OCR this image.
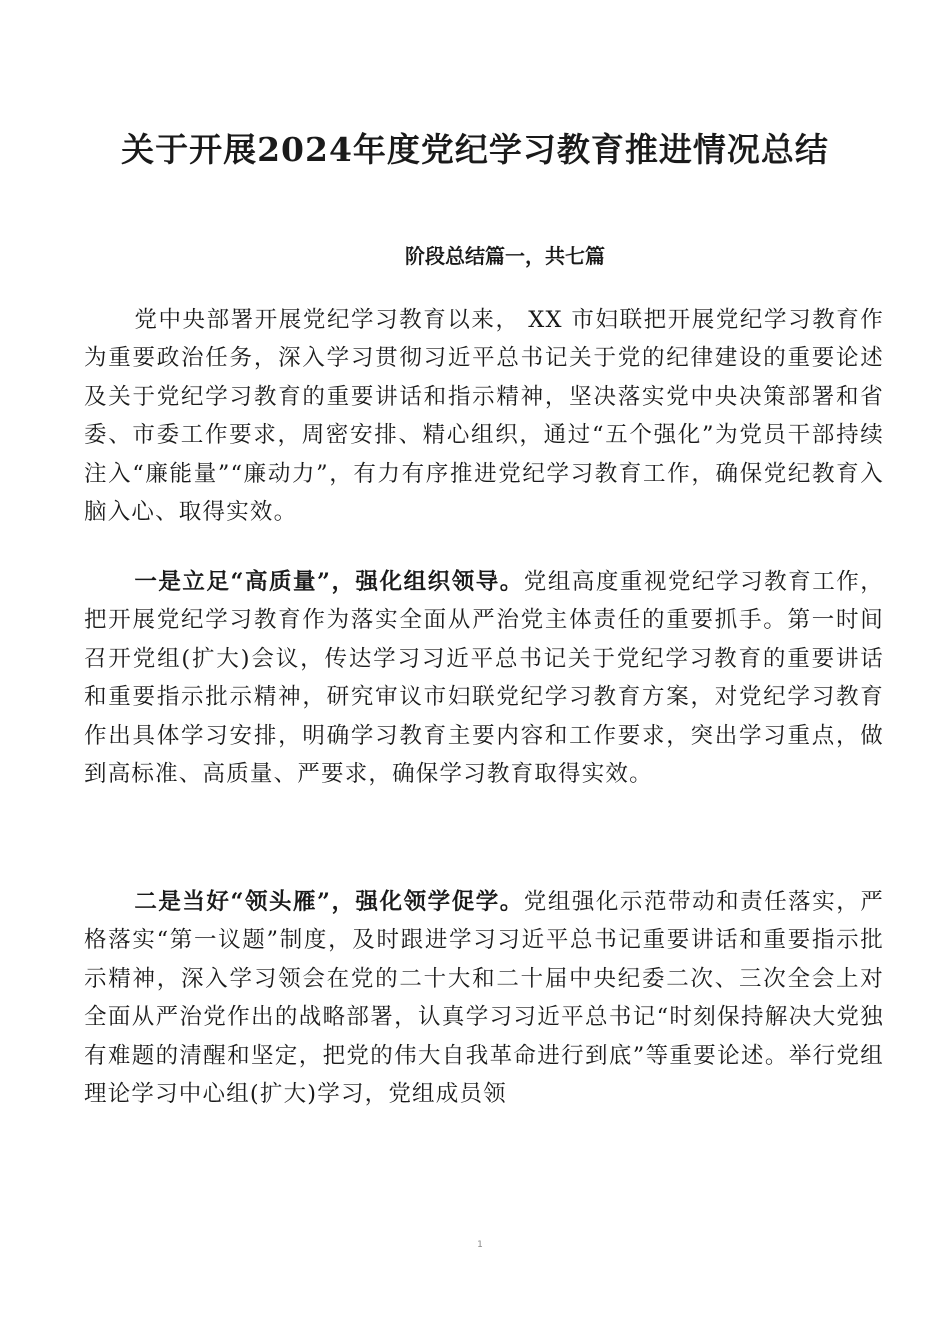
关于开展2024年度党纪学习教育推进情况总结
阶段总结篇一，共七篇

党中央部署开展党纪学习教育以来， XX 市妇联把开展党纪学习教育作为重要政治任务，深入学习贯彻习近平总书记关于党的纪律建设的重要论述及关于党纪学习教育的重要讲话和指示精神，坚决落实党中央决策部署和省委、市委工作要求，周密安排、精心组织，通过“五个强化”为党员干部持续注入“廉能量”“廉动力”，有力有序推进党纪学习教育工作，确保党纪教育入脑入心、取得实效。

一是立足“高质量”，强化组织领导。党组高度重视党纪学习教育工作，把开展党纪学习教育作为落实全面从严治党主体责任的重要抓手。第一时间召开党组(扩大)会议，传达学习习近平总书记关于党纪学习教育的重要讲话和重要指示批示精神，研究审议市妇联党纪学习教育方案，对党纪学习教育作出具体学习安排，明确学习教育主要内容和工作要求，突出学习重点，做到高标准、高质量、严要求，确保学习教育取得实效。

二是当好“领头雁”，强化领学促学。党组强化示范带动和责任落实，严格落实“第一议题”制度，及时跟进学习习近平总书记重要讲话和重要指示批示精神，深入学习领会在党的二十大和二十届中央纪委二次、三次全会上对全面从严治党作出的战略部署，认真学习习近平总书记“时刻保持解决大党独有难题的清醒和坚定，把党的伟大自我革命进行到底”等重要论述。举行党组理论学习中心组(扩大)学习，党组成员领

1
